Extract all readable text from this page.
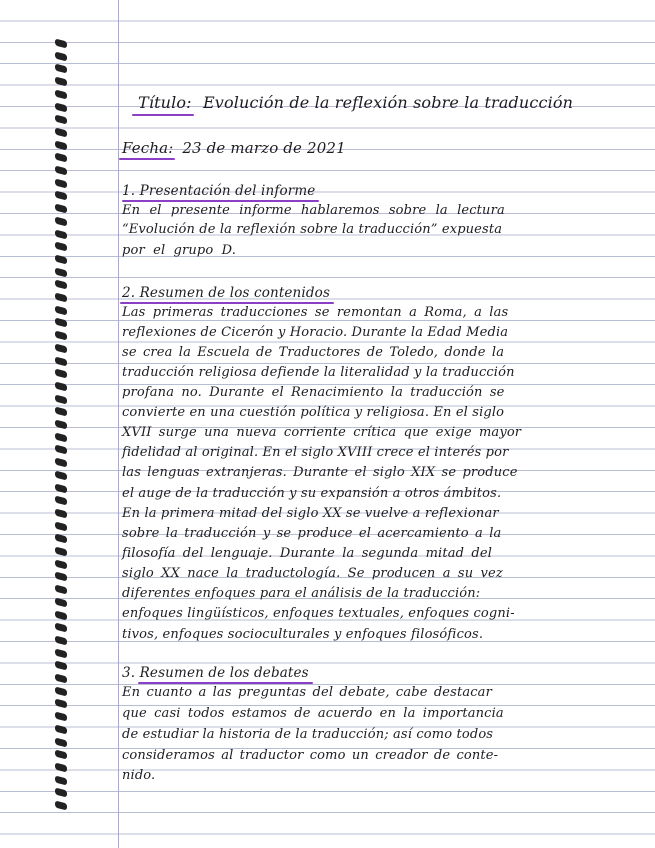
Título: Evolución de la reflexión sobre la traducción
Fecha: 23 de marzo de 2021
1. Presentación del informe
En el presente informe hablaremos sobre la lectura
“Evolución de la reflexión sobre la traducción” expuesta
por el grupo D.
2. Resumen de los contenidos
Las primeras traducciones se remontan a Roma, a las
reflexiones de Cicerón y Horacio. Durante la Edad Media
se crea la Escuela de Traductores de Toledo, donde la
traducción religiosa defiende la literalidad y la traducción
profana no. Durante el Renacimiento la traducción se
convierte en una cuestión política y religiosa. En el siglo
XVII surge una nueva corriente crítica que exige mayor
fidelidad al original. En el siglo XVIII crece el interés por
las lenguas extranjeras. Durante el siglo XIX se produce
el auge de la traducción y su expansión a otros ámbitos.
En la primera mitad del siglo XX se vuelve a reflexionar
sobre la traducción y se produce el acercamiento a la
filosofía del lenguaje. Durante la segunda mitad del
siglo XX nace la traductología. Se producen a su vez
diferentes enfoques para el análisis de la traducción:
enfoques lingüísticos, enfoques textuales, enfoques cogni-
tivos, enfoques socioculturales y enfoques filosóficos.
3. Resumen de los debates
En cuanto a las preguntas del debate, cabe destacar
que casi todos estamos de acuerdo en la importancia
de estudiar la historia de la traducción; así como todos
consideramos al traductor como un creador de conte-
nido.
